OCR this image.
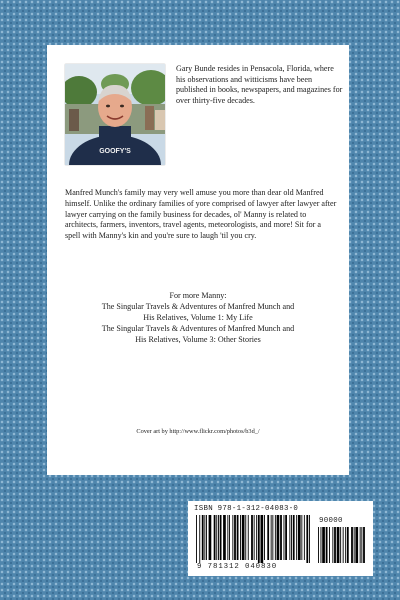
GOOFY'S

Gary Bunde resides in Pensacola, Florida, where his observations and witticisms have been published in books, newspapers, and magazines for over thirty-five decades.

Manfred Munch's family may very well amuse you more than dear old Manfred himself. Unlike the ordinary families of yore comprised of lawyer after lawyer after lawyer carrying on the family business for decades, ol' Manny is related to architects, farmers, inventors, travel agents, meteorologists, and more! Sit for a spell with Manny's kin and you're sure to laugh 'til you cry.

For more Manny:
The Singular Travels & Adventures of Manfred Munch and
His Relatives, Volume 1: My Life
The Singular Travels & Adventures of Manfred Munch and
His Relatives, Volume 3: Other Stories
Cover art by http://www.flickr.com/photos/b3d_/
ISBN 978-1-312-04083-0
90000
9 781312 040830
